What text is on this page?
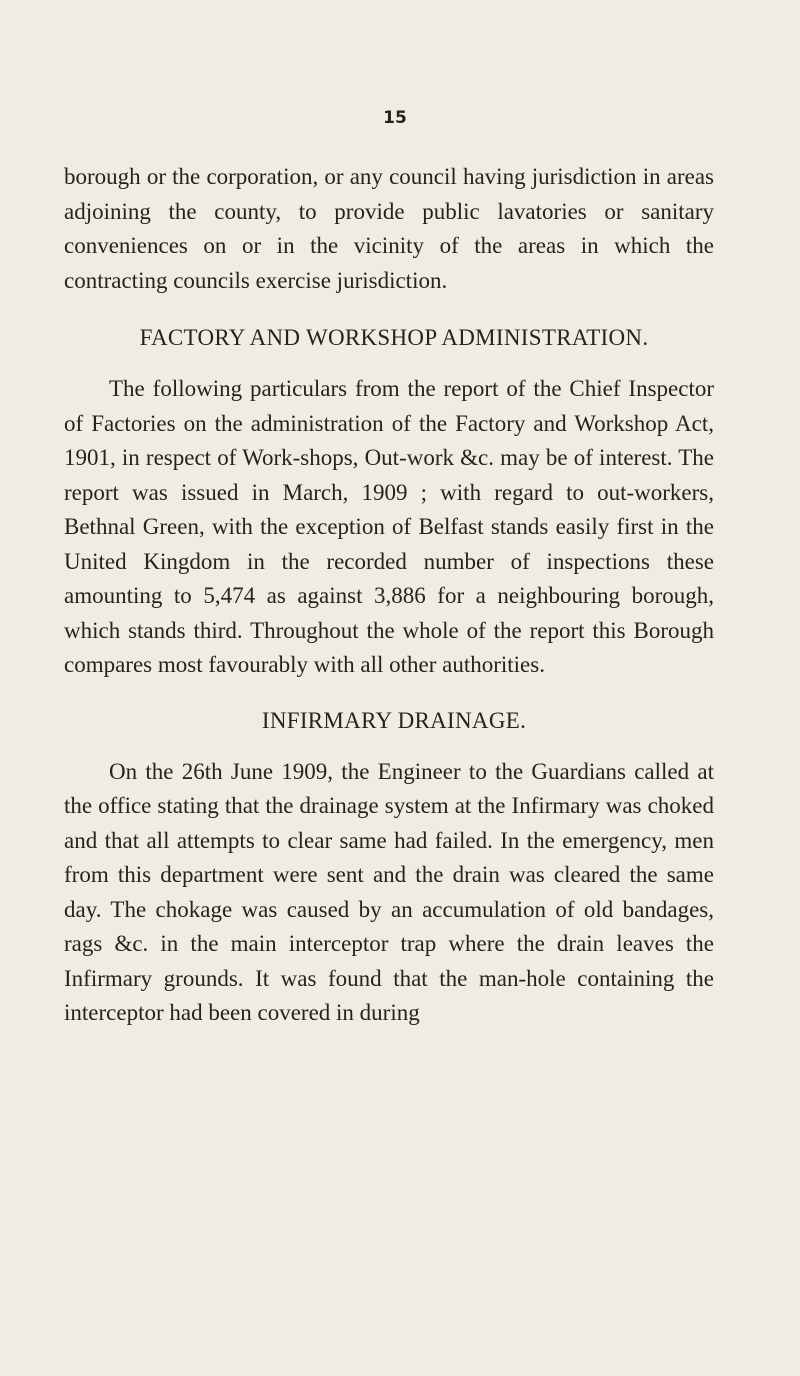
15

borough or the corporation, or any council having jurisdiction in areas adjoining the county, to provide public lavatories or sanitary conveniences on or in the vicinity of the areas in which the contracting councils exercise jurisdiction.

FACTORY AND WORKSHOP ADMINISTRATION.

The following particulars from the report of the Chief Inspector of Factories on the administration of the Factory and Workshop Act, 1901, in respect of Work-shops, Out-work &c. may be of interest. The report was issued in March, 1909 ; with regard to out-workers, Bethnal Green, with the exception of Belfast stands easily first in the United Kingdom in the recorded number of inspections these amounting to 5,474 as against 3,886 for a neighbouring borough, which stands third. Throughout the whole of the report this Borough compares most favourably with all other authorities.

INFIRMARY DRAINAGE.

On the 26th June 1909, the Engineer to the Guardians called at the office stating that the drainage system at the Infirmary was choked and that all attempts to clear same had failed. In the emergency, men from this department were sent and the drain was cleared the same day. The chokage was caused by an accumulation of old bandages, rags &c. in the main interceptor trap where the drain leaves the Infirmary grounds. It was found that the man-hole containing the interceptor had been covered in during
